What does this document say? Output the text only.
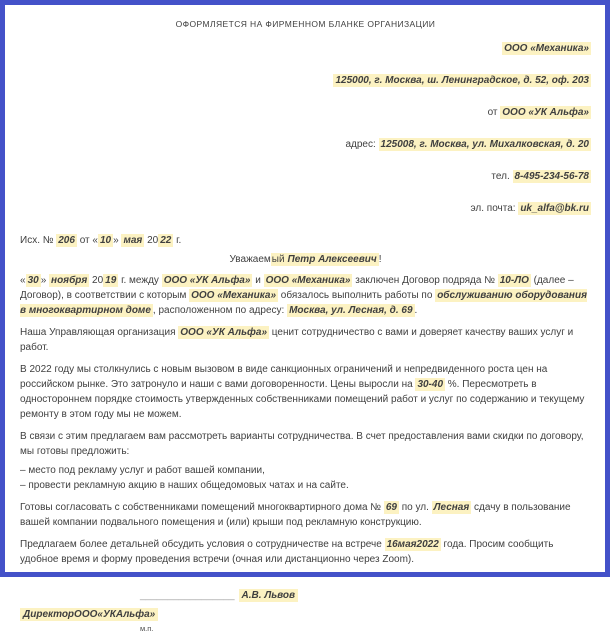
ОФОРМЛЯЕТСЯ НА ФИРМЕННОМ БЛАНКЕ ОРГАНИЗАЦИИ
ООО «Механика»
125000, г. Москва, ш. Ленинградское, д. 52, оф. 203
от ООО «УК Альфа»
адрес: 125008, г. Москва, ул. Михалковская, д. 20
тел. 8-495-234-56-78
эл. почта: uk_alfa@bk.ru
Исх. № 206 от « 10 » мая 20 22 г.
Уважаемый Петр Алексеевич !

« 30 » ноября 20 19 г. между ООО «УК Альфа» и ООО «Механика» заключен Договор подряда № 10-ЛО (далее – Договор), в соответствии с которым ООО «Механика» обязалось выполнить работы по обслуживанию оборудования в многоквартирном доме , расположенном по адресу: Москва, ул. Лесная, д. 69 .

Наша Управляющая организация ООО «УК Альфа» ценит сотрудничество с вами и доверяет качеству ваших услуг и работ.

В 2022 году мы столкнулись с новым вызовом в виде санкционных ограничений и непредвиденного роста цен на российском рынке. Это затронуло и наши с вами договоренности. Цены выросли на 30-40 %. Пересмотреть в одностороннем порядке стоимость утвержденных собственниками помещений работ и услуг по содержанию и текущему ремонту в этом году мы не можем.

В связи с этим предлагаем вам рассмотреть варианты сотрудничества. В счет предоставления вами скидки по договору, мы готовы предложить:

– место под рекламу услуг и работ вашей компании,
– провести рекламную акцию в наших общедомовых чатах и на сайте.

Готовы согласовать с собственниками помещений многоквартирного дома № 69 по ул. Лесная сдачу в пользование вашей компании подвального помещения и (или) крыши под рекламную конструкцию.

Предлагаем более детальней обсудить условия о сотрудничестве на встрече 16мая2022 года. Просим сообщить удобное время и форму проведения встречи (очная или дистанционно через Zoom).

_________________ А.В. Львов
ДиректорООО«УКАльфа»
м.п.
